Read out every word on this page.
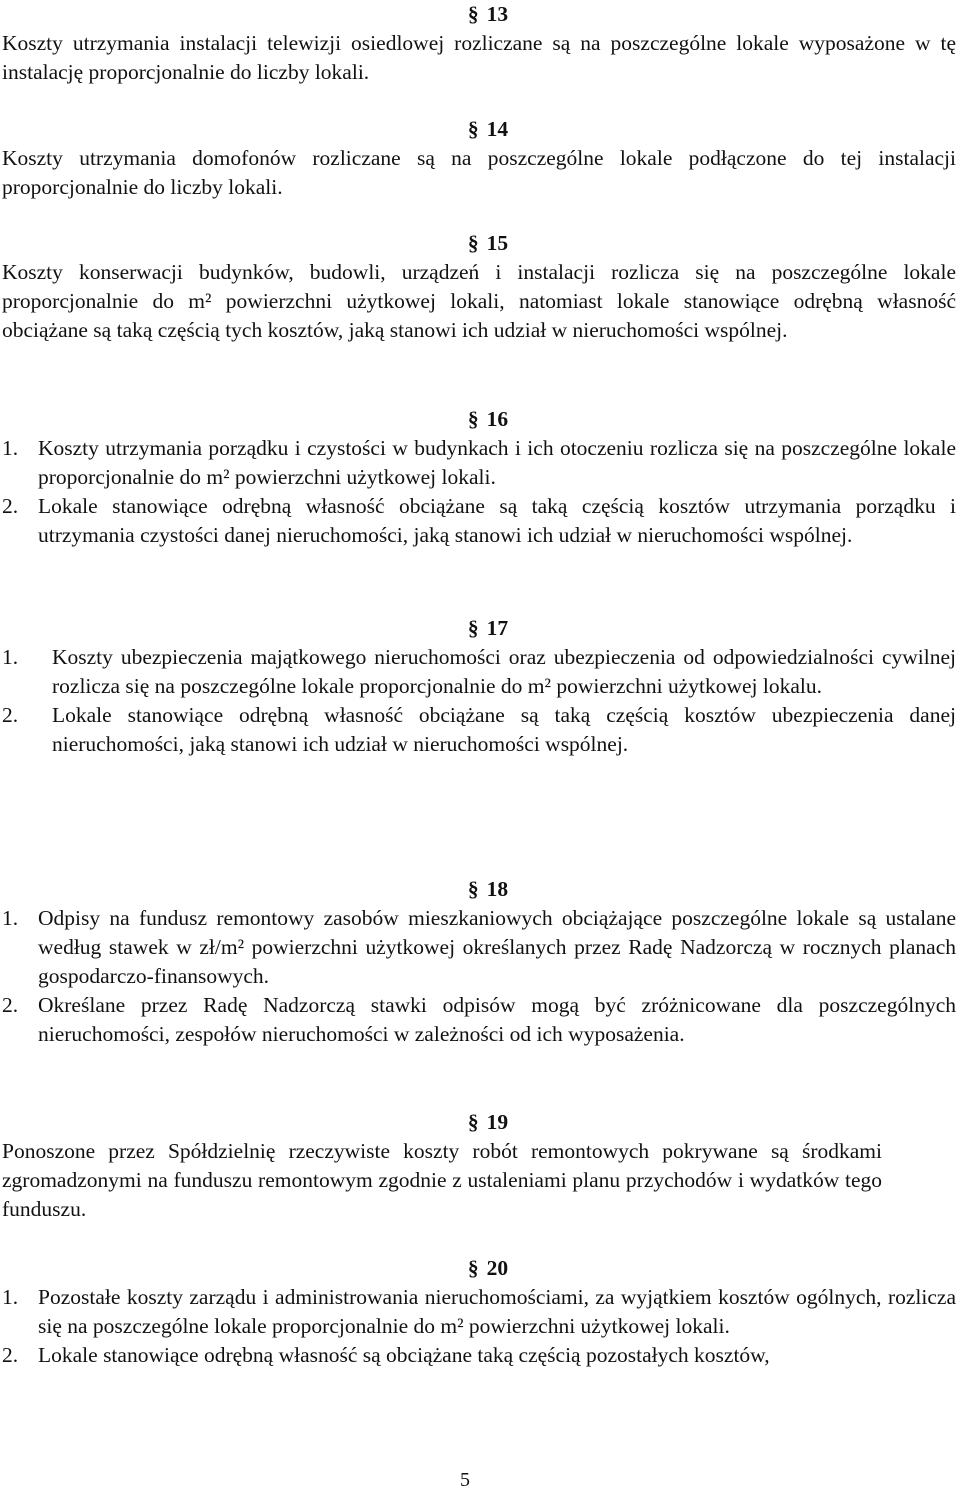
§ 13

Koszty utrzymania instalacji telewizji osiedlowej rozliczane są na poszczególne lokale wyposażone w tę instalację proporcjonalnie do liczby lokali.

§ 14

Koszty utrzymania domofonów rozliczane są na poszczególne lokale podłączone do tej instalacji proporcjonalnie do liczby lokali.

§ 15

Koszty konserwacji budynków, budowli, urządzeń i instalacji rozlicza się na poszczególne lokale proporcjonalnie do m² powierzchni użytkowej lokali, natomiast lokale stanowiące odrębną własność obciążane są taką częścią tych kosztów, jaką stanowi ich udział w nieruchomości wspólnej.

§ 16
1. Koszty utrzymania porządku i czystości w budynkach i ich otoczeniu rozlicza się na poszczególne lokale proporcjonalnie do m² powierzchni użytkowej lokali.
2. Lokale stanowiące odrębną własność obciążane są taką częścią kosztów utrzymania porządku i utrzymania czystości danej nieruchomości, jaką stanowi ich udział w nieruchomości wspólnej.
§ 17
1.	Koszty ubezpieczenia majątkowego nieruchomości oraz ubezpieczenia od odpowiedzialności cywilnej rozlicza się na poszczególne lokale proporcjonalnie do m² powierzchni użytkowej lokalu.
2.	Lokale stanowiące odrębną własność obciążane są taką częścią kosztów ubezpieczenia danej nieruchomości, jaką stanowi ich udział w nieruchomości wspólnej.
§ 18
1. Odpisy na fundusz remontowy zasobów mieszkaniowych obciążające poszczególne lokale są ustalane według stawek w zł/m² powierzchni użytkowej określanych przez Radę Nadzorczą w rocznych planach gospodarczo-finansowych.
2. Określane przez Radę Nadzorczą stawki odpisów mogą być zróżnicowane dla poszczególnych nieruchomości, zespołów nieruchomości w zależności od ich wyposażenia.
§ 19

Ponoszone przez Spółdzielnię rzeczywiste koszty robót remontowych pokrywane są środkami zgromadzonymi na funduszu remontowym zgodnie z ustaleniami planu przychodów i wydatków tego funduszu.

§ 20
1. Pozostałe koszty zarządu i administrowania nieruchomościami, za wyjątkiem kosztów ogólnych, rozlicza się na poszczególne lokale proporcjonalnie do m² powierzchni użytkowej lokali.
2. Lokale stanowiące odrębną własność są obciążane taką częścią pozostałych kosztów,
5
